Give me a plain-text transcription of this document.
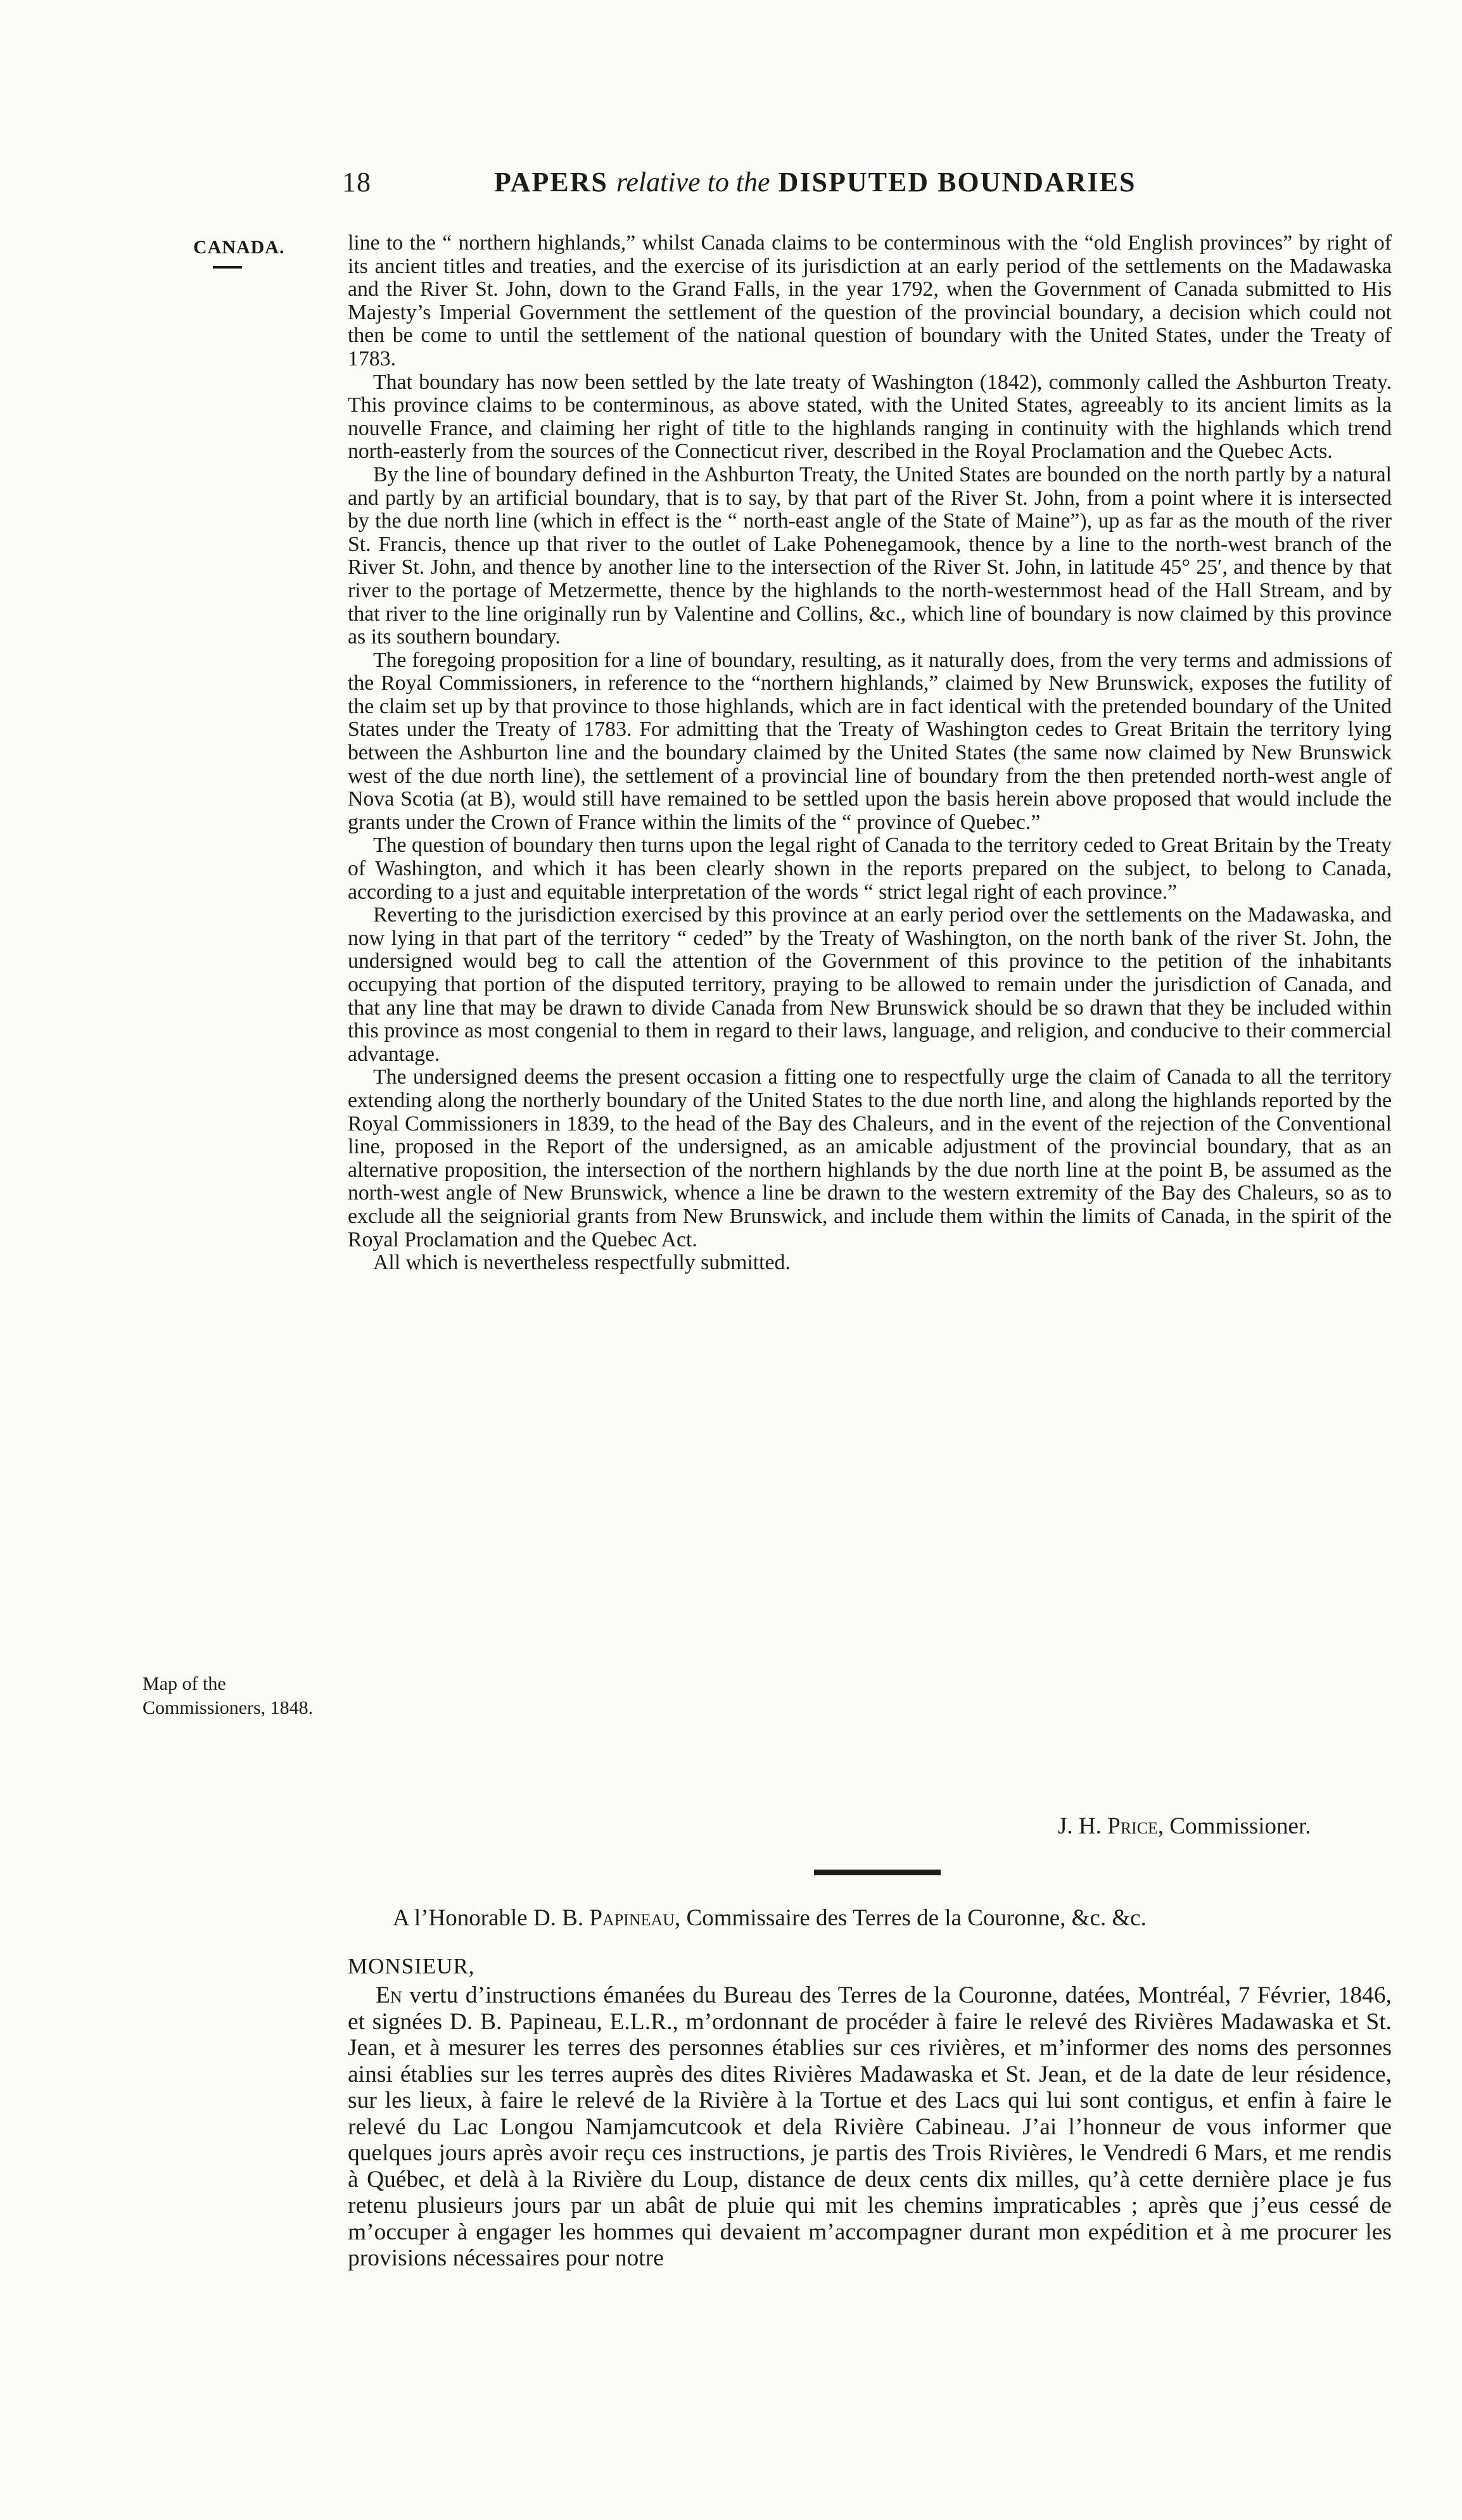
18	PAPERS relative to the DISPUTED BOUNDARIES
CANADA.
Map of the Commissioners, 1848.

line to the “ northern highlands,” whilst Canada claims to be conterminous with the “old English provinces” by right of its ancient titles and treaties, and the exercise of its jurisdiction at an early period of the settlements on the Madawaska and the River St. John, down to the Grand Falls, in the year 1792, when the Government of Canada submitted to His Majesty’s Imperial Government the settlement of the question of the provincial boundary, a decision which could not then be come to until the settlement of the national question of boundary with the United States, under the Treaty of 1783.

That boundary has now been settled by the late treaty of Washington (1842), commonly called the Ashburton Treaty. This province claims to be conterminous, as above stated, with the United States, agreeably to its ancient limits as la nouvelle France, and claiming her right of title to the highlands ranging in continuity with the highlands which trend north-easterly from the sources of the Connecticut river, described in the Royal Proclamation and the Quebec Acts.

By the line of boundary defined in the Ashburton Treaty, the United States are bounded on the north partly by a natural and partly by an artificial boundary, that is to say, by that part of the River St. John, from a point where it is intersected by the due north line (which in effect is the “ north-east angle of the State of Maine”), up as far as the mouth of the river St. Francis, thence up that river to the outlet of Lake Pohenegamook, thence by a line to the north-west branch of the River St. John, and thence by another line to the intersection of the River St. John, in latitude 45° 25′, and thence by that river to the portage of Metzermette, thence by the highlands to the north-westernmost head of the Hall Stream, and by that river to the line originally run by Valentine and Collins, &c., which line of boundary is now claimed by this province as its southern boundary.

The foregoing proposition for a line of boundary, resulting, as it naturally does, from the very terms and admissions of the Royal Commissioners, in reference to the “northern highlands,” claimed by New Brunswick, exposes the futility of the claim set up by that province to those highlands, which are in fact identical with the pretended boundary of the United States under the Treaty of 1783. For admitting that the Treaty of Washington cedes to Great Britain the territory lying between the Ashburton line and the boundary claimed by the United States (the same now claimed by New Brunswick west of the due north line), the settlement of a provincial line of boundary from the then pretended north-west angle of Nova Scotia (at B), would still have remained to be settled upon the basis herein above proposed that would include the grants under the Crown of France within the limits of the “ province of Quebec.”

The question of boundary then turns upon the legal right of Canada to the territory ceded to Great Britain by the Treaty of Washington, and which it has been clearly shown in the reports prepared on the subject, to belong to Canada, according to a just and equitable interpretation of the words “ strict legal right of each province.”

Reverting to the jurisdiction exercised by this province at an early period over the settlements on the Madawaska, and now lying in that part of the territory “ ceded” by the Treaty of Washington, on the north bank of the river St. John, the undersigned would beg to call the attention of the Government of this province to the petition of the inhabitants occupying that portion of the disputed territory, praying to be allowed to remain under the jurisdiction of Canada, and that any line that may be drawn to divide Canada from New Brunswick should be so drawn that they be included within this province as most congenial to them in regard to their laws, language, and religion, and conducive to their commercial advantage.

The undersigned deems the present occasion a fitting one to respectfully urge the claim of Canada to all the territory extending along the northerly boundary of the United States to the due north line, and along the highlands reported by the Royal Commissioners in 1839, to the head of the Bay des Chaleurs, and in the event of the rejection of the Conventional line, proposed in the Report of the undersigned, as an amicable adjustment of the provincial boundary, that as an alternative proposition, the intersection of the northern highlands by the due north line at the point B, be assumed as the north-west angle of New Brunswick, whence a line be drawn to the western extremity of the Bay des Chaleurs, so as to exclude all the seigniorial grants from New Brunswick, and include them within the limits of Canada, in the spirit of the Royal Proclamation and the Quebec Act.

All which is nevertheless respectfully submitted.

J. H. Price, Commissioner.
A l’Honorable D. B. Papineau, Commissaire des Terres de la Couronne, &c. &c.
MONSIEUR,

En vertu d’instructions émanées du Bureau des Terres de la Couronne, datées, Montréal, 7 Février, 1846, et signées D. B. Papineau, E.L.R., m’ordonnant de procéder à faire le relevé des Rivières Madawaska et St. Jean, et à mesurer les terres des personnes établies sur ces rivières, et m’informer des noms des personnes ainsi établies sur les terres auprès des dites Rivières Madawaska et St. Jean, et de la date de leur résidence, sur les lieux, à faire le relevé de la Rivière à la Tortue et des Lacs qui lui sont contigus, et enfin à faire le relevé du Lac Longou Namjamcutcook et dela Rivière Cabineau. J’ai l’honneur de vous informer que quelques jours après avoir reçu ces instructions, je partis des Trois Rivières, le Vendredi 6 Mars, et me rendis à Québec, et delà à la Rivière du Loup, distance de deux cents dix milles, qu’à cette dernière place je fus retenu plusieurs jours par un abât de pluie qui mit les chemins impraticables ; après que j’eus cessé de m’occuper à engager les hommes qui devaient m’accompagner durant mon expédition et à me procurer les provisions nécessaires pour notre
